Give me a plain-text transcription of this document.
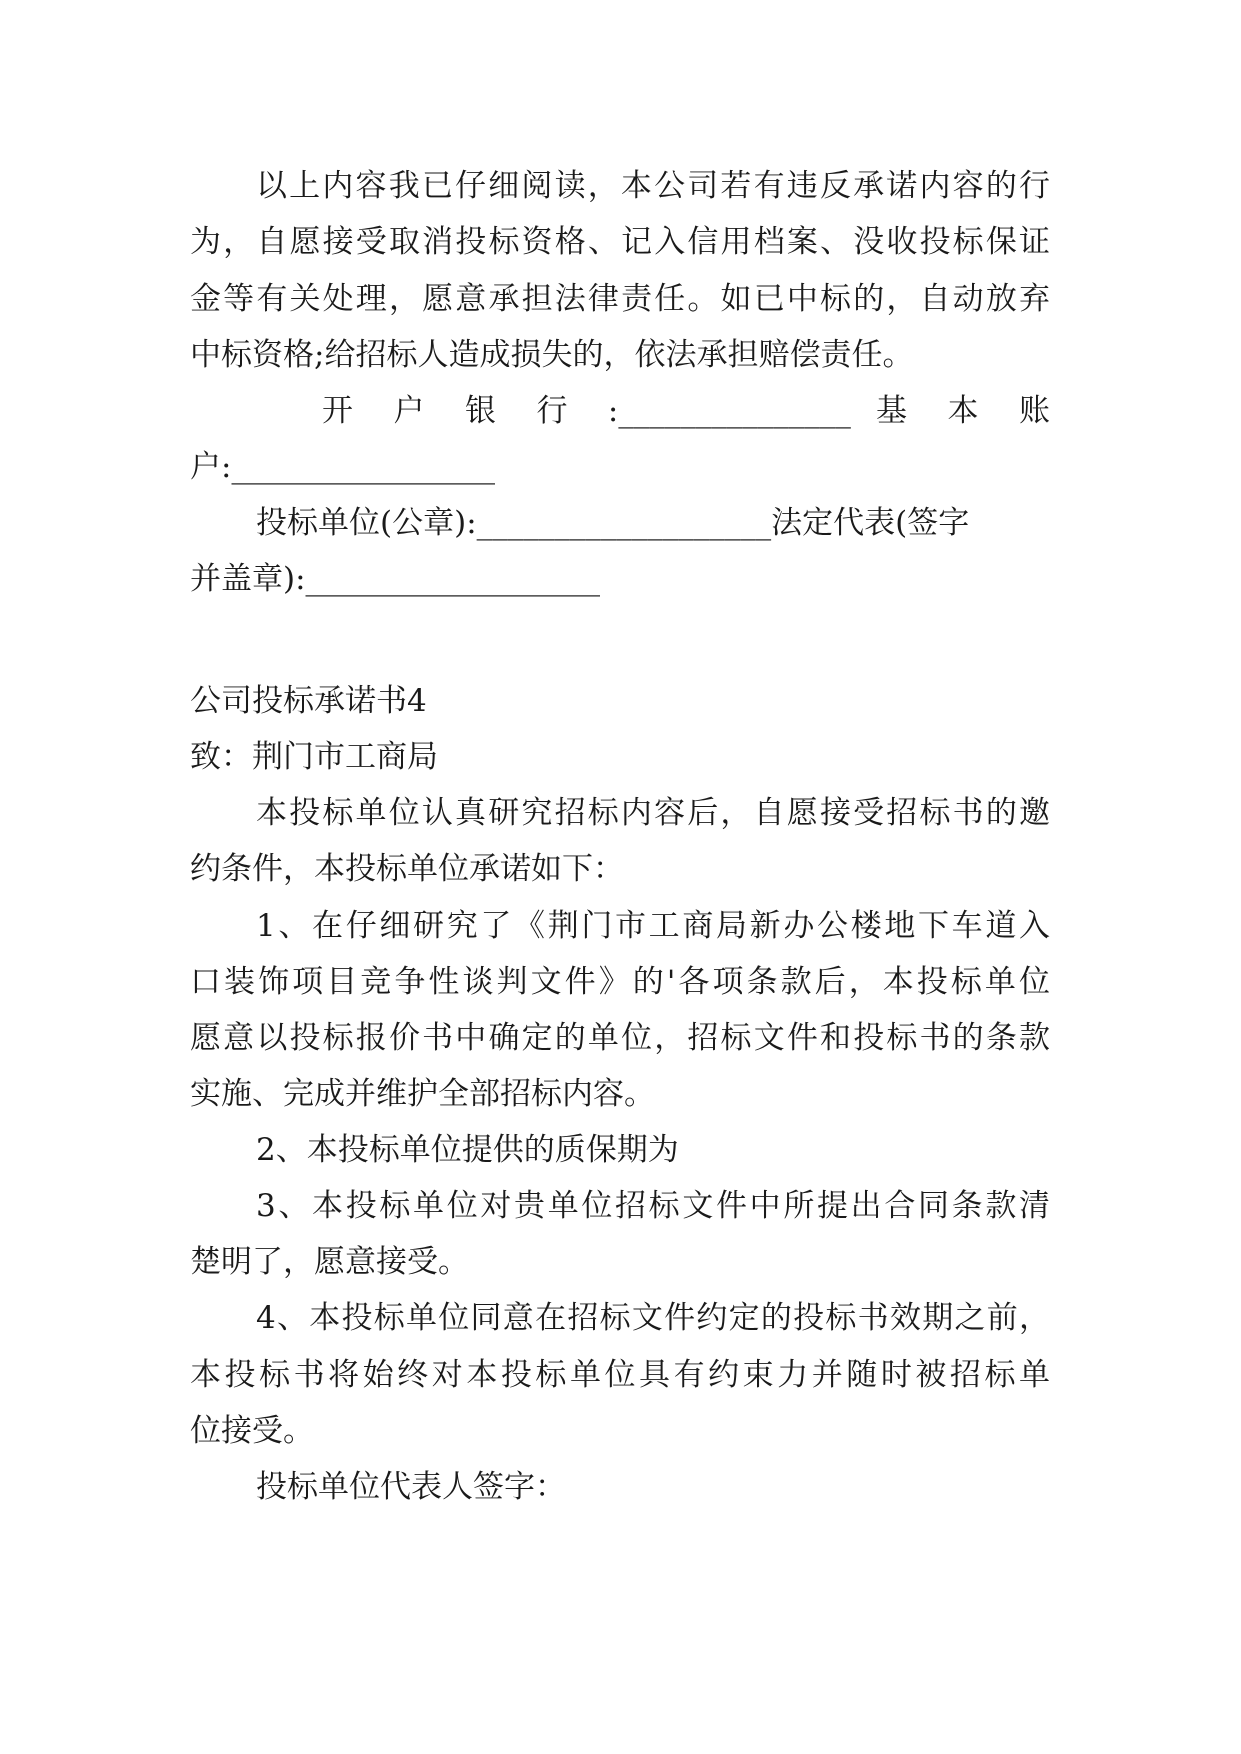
以上内容我已仔细阅读，本公司若有违反承诺内容的行
为，自愿接受取消投标资格、记入信用档案、没收投标保证
金等有关处理，愿意承担法律责任。如已中标的，自动放弃
中标资格;给招标人造成损失的，依法承担赔偿责任。
开 户 银 行 :_______________ 基 本 账
户:_________________
投标单位(公章):___________________法定代表(签字
并盖章):___________________
公司投标承诺书4
致：荆门市工商局
本投标单位认真研究招标内容后，自愿接受招标书的邀
约条件，本投标单位承诺如下：
1、在仔细研究了《荆门市工商局新办公楼地下车道入
口装饰项目竞争性谈判文件》的'各项条款后，本投标单位
愿意以投标报价书中确定的单位，招标文件和投标书的条款
实施、完成并维护全部招标内容。
2、本投标单位提供的质保期为
3、本投标单位对贵单位招标文件中所提出合同条款清
楚明了，愿意接受。
4、本投标单位同意在招标文件约定的投标书效期之前，
本投标书将始终对本投标单位具有约束力并随时被招标单
位接受。
投标单位代表人签字：
